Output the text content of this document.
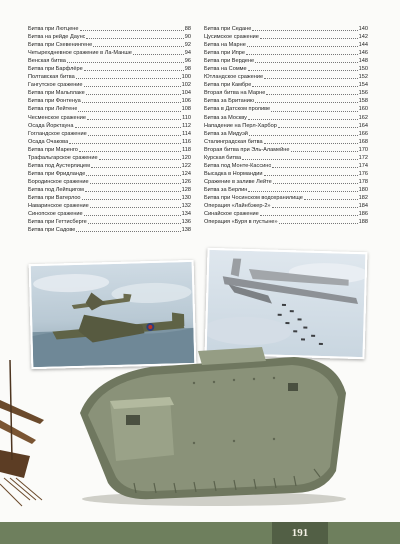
Битва при Лютцене	88
Битва на рейде Даунс	90
Битва при Схевенингене	92
Четырехдневное сражение в Ла-Манше	94
Венская битва	96
Битва при Барфлёре	98
Полтавская битва	100
Гангутское сражение	102
Битва при Мальплаке	104
Битва при Фонтенуа	106
Битва при Лейтене	108
Чесменское сражение	110
Осада Йорктауна	112
Гогландское сражение	114
Осада Очакова	116
Битва при Маренго	118
Трафальгарское сражение	120
Битва под Аустерлицем	122
Битва при Фридланде	124
Бородинское сражение	126
Битва под Лейпцигом	128
Битва при Ватерлоо	130
Наваринское сражение	132
Синопское сражение	134
Битва при Геттисберге	136
Битва при Садове	138
Битва при Седане	140
Цусимское сражение	142
Битва на Марне	144
Битва при Ипре	146
Битва при Вердене	148
Битва на Сомме	150
Ютландское сражение	152
Битва при Камбре	154
Вторая битва на Марне	156
Битва за Британию	158
Битва в Датском проливе	160
Битва за Москву	162
Нападение на Перл-Харбор	164
Битва за Мидуэй	166
Сталинградская битва	168
Вторая битва при Эль-Аламейне	170
Курская битва	172
Битва под Монте-Кассино	174
Высадка в Нормандии	176
Сражение в заливе Лейте	178
Битва за Берлин	180
Битва при Чосинском водохранилище	182
Операция «Лайнбэкер-2»	184
Синайское сражение	186
Операция «Буря в пустыне»	188
191
